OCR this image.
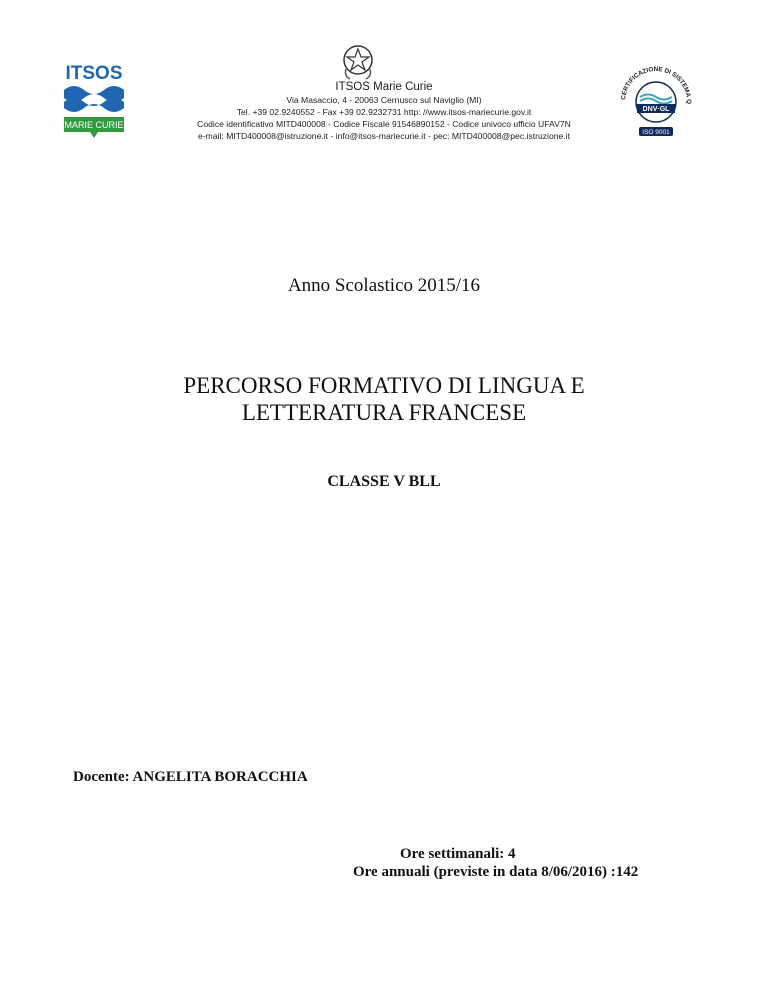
ITSOS
MARIE CURIE
ITSOS Marie Curie
Via Masaccio, 4 - 20063 Cernusco sul Naviglio (MI)
Tel. +39 02.9240552 - Fax +39 02.9232731 http: //www.itsos-mariecurie.gov.it
Codice identificativo MITD400008 - Codice Fiscale 91546890152 - Codice univoco ufficio UFAV7N
e-mail: MITD400008@istruzione.it - info@itsos-mariecurie.it - pec: MITD400008@pec.istruzione.it
CERTIFICAZIONE DI SISTEMA Q
DNV·GL
ISO 9001
Anno Scolastico 2015/16
PERCORSO FORMATIVO DI LINGUA E
LETTERATURA FRANCESE
CLASSE V BLL
Docente: ANGELITA BORACCHIA
Ore settimanali: 4
Ore annuali (previste in data 8/06/2016) :142
